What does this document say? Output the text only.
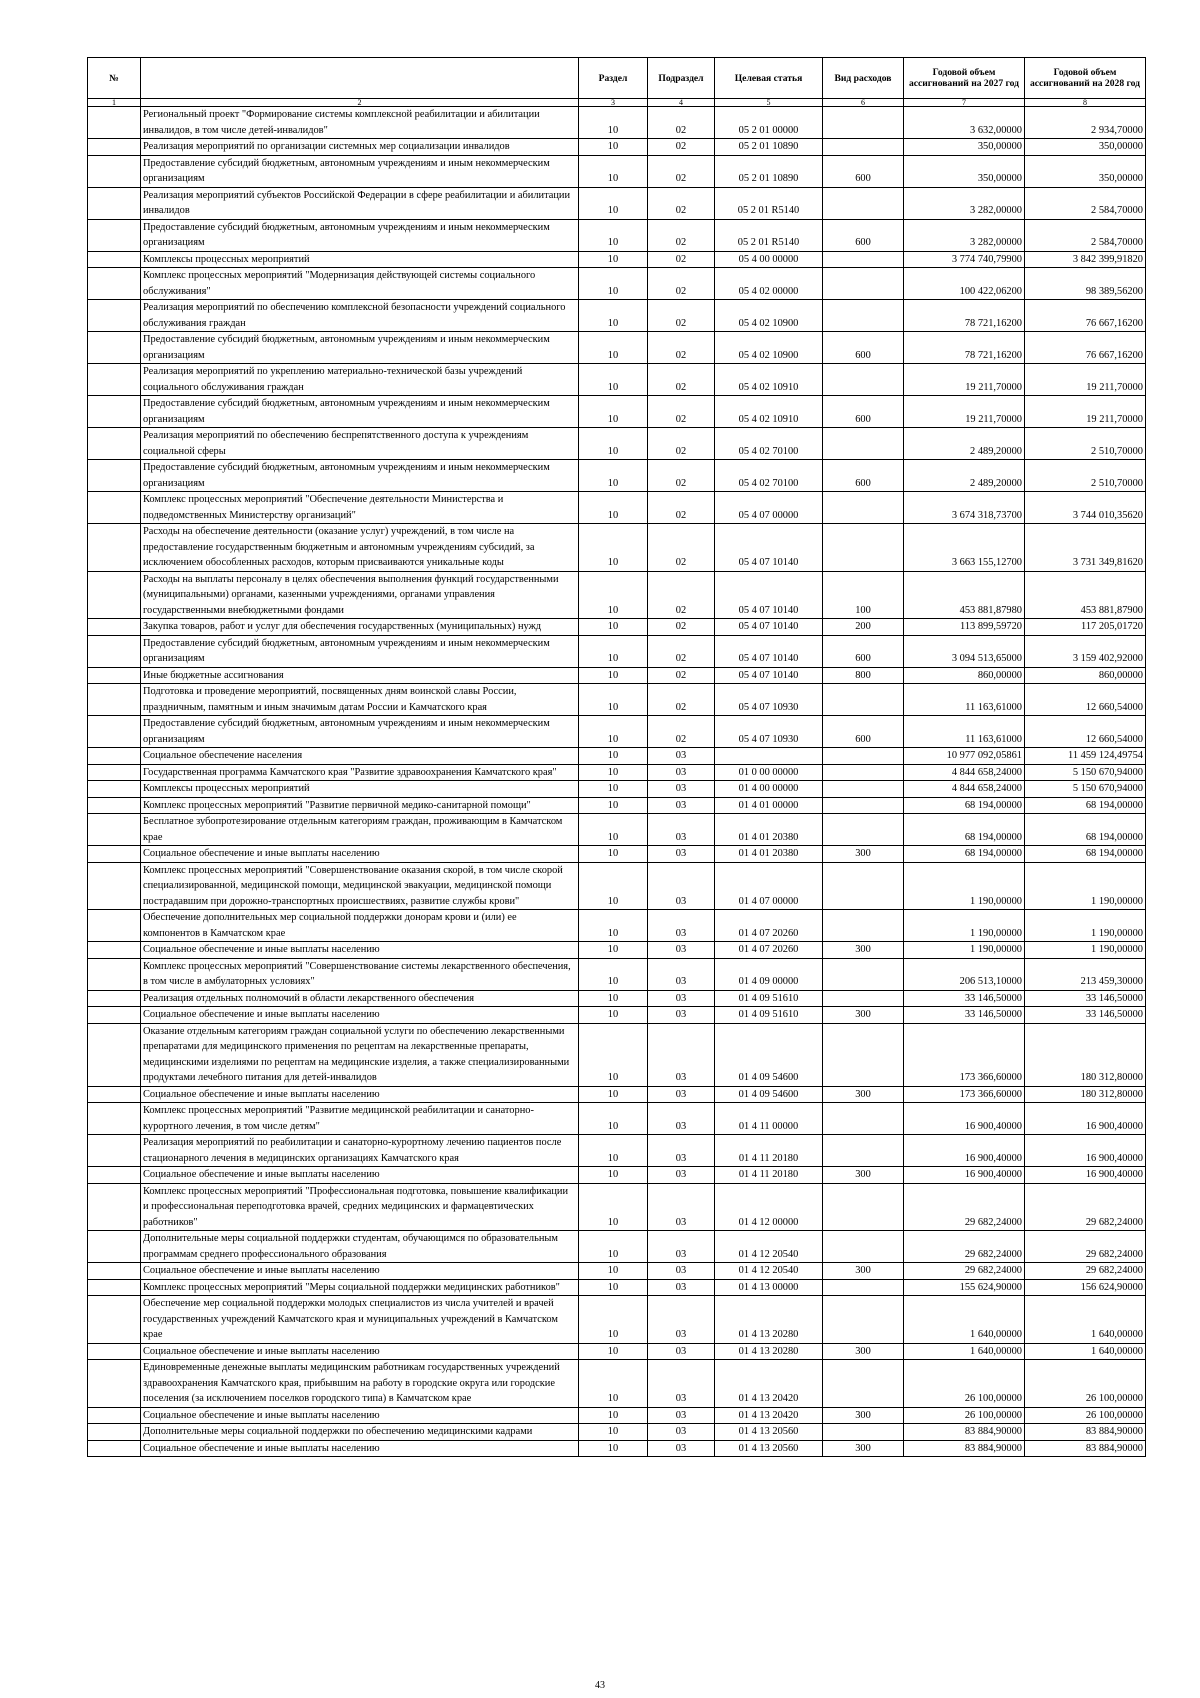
№		Раздел	Подраздел	Целевая статья	Вид расходов	Годовой объем ассигнований на 2027 год	Годовой объем ассигнований на 2028 год
1	2	3	4	5	6	7	8
	Региональный проект "Формирование системы комплексной реабилитации и абилитации инвалидов, в том числе детей-инвалидов"	10	02	05 2 01 00000		3 632,00000	2 934,70000
	Реализация мероприятий по организации системных мер социализации инвалидов	10	02	05 2 01 10890		350,00000	350,00000
	Предоставление субсидий бюджетным, автономным учреждениям и иным некоммерческим организациям	10	02	05 2 01 10890	600	350,00000	350,00000
	Реализация мероприятий субъектов Российской Федерации в сфере реабилитации и абилитации инвалидов	10	02	05 2 01 R5140		3 282,00000	2 584,70000
	Предоставление субсидий бюджетным, автономным учреждениям и иным некоммерческим организациям	10	02	05 2 01 R5140	600	3 282,00000	2 584,70000
	Комплексы процессных мероприятий	10	02	05 4 00 00000		3 774 740,79900	3 842 399,91820
	Комплекс процессных мероприятий "Модернизация действующей системы социального обслуживания"	10	02	05 4 02 00000		100 422,06200	98 389,56200
	Реализация мероприятий по обеспечению комплексной безопасности учреждений социального обслуживания граждан	10	02	05 4 02 10900		78 721,16200	76 667,16200
	Предоставление субсидий бюджетным, автономным учреждениям и иным некоммерческим организациям	10	02	05 4 02 10900	600	78 721,16200	76 667,16200
	Реализация мероприятий по укреплению материально-технической базы учреждений социального обслуживания граждан	10	02	05 4 02 10910		19 211,70000	19 211,70000
	Предоставление субсидий бюджетным, автономным учреждениям и иным некоммерческим организациям	10	02	05 4 02 10910	600	19 211,70000	19 211,70000
	Реализация мероприятий по обеспечению беспрепятственного доступа к учреждениям социальной сферы	10	02	05 4 02 70100		2 489,20000	2 510,70000
	Предоставление субсидий бюджетным, автономным учреждениям и иным некоммерческим организациям	10	02	05 4 02 70100	600	2 489,20000	2 510,70000
	Комплекс процессных мероприятий "Обеспечение деятельности Министерства и подведомственных Министерству организаций"	10	02	05 4 07 00000		3 674 318,73700	3 744 010,35620
	Расходы на обеспечение деятельности (оказание услуг) учреждений, в том числе на предоставление государственным бюджетным и автономным учреждениям субсидий, за исключением обособленных расходов, которым присваиваются уникальные коды	10	02	05 4 07 10140		3 663 155,12700	3 731 349,81620
	Расходы на выплаты персоналу в целях обеспечения выполнения функций государственными (муниципальными) органами, казенными учреждениями, органами управления государственными внебюджетными фондами	10	02	05 4 07 10140	100	453 881,87980	453 881,87900
	Закупка товаров, работ и услуг для обеспечения государственных (муниципальных) нужд	10	02	05 4 07 10140	200	113 899,59720	117 205,01720
	Предоставление субсидий бюджетным, автономным учреждениям и иным некоммерческим организациям	10	02	05 4 07 10140	600	3 094 513,65000	3 159 402,92000
	Иные бюджетные ассигнования	10	02	05 4 07 10140	800	860,00000	860,00000
	Подготовка и проведение мероприятий, посвященных дням воинской славы России, праздничным, памятным и иным значимым датам России и Камчатского края	10	02	05 4 07 10930		11 163,61000	12 660,54000
	Предоставление субсидий бюджетным, автономным учреждениям и иным некоммерческим организациям	10	02	05 4 07 10930	600	11 163,61000	12 660,54000
	Социальное обеспечение населения	10	03			10 977 092,05861	11 459 124,49754
	Государственная программа Камчатского края "Развитие здравоохранения Камчатского края"	10	03	01 0 00 00000		4 844 658,24000	5 150 670,94000
	Комплексы процессных мероприятий	10	03	01 4 00 00000		4 844 658,24000	5 150 670,94000
	Комплекс процессных мероприятий "Развитие первичной медико-санитарной помощи"	10	03	01 4 01 00000		68 194,00000	68 194,00000
	Бесплатное зубопротезирование отдельным категориям граждан, проживающим в Камчатском крае	10	03	01 4 01 20380		68 194,00000	68 194,00000
	Социальное обеспечение и иные выплаты населению	10	03	01 4 01 20380	300	68 194,00000	68 194,00000
	Комплекс процессных мероприятий "Совершенствование оказания скорой, в том числе скорой специализированной, медицинской помощи, медицинской эвакуации, медицинской помощи пострадавшим при дорожно-транспортных происшествиях, развитие службы крови"	10	03	01 4 07 00000		1 190,00000	1 190,00000
	Обеспечение дополнительных мер социальной поддержки донорам крови и (или) ее компонентов в Камчатском крае	10	03	01 4 07 20260		1 190,00000	1 190,00000
	Социальное обеспечение и иные выплаты населению	10	03	01 4 07 20260	300	1 190,00000	1 190,00000
	Комплекс процессных мероприятий "Совершенствование системы лекарственного обеспечения, в том числе в амбулаторных условиях"	10	03	01 4 09 00000		206 513,10000	213 459,30000
	Реализация отдельных полномочий в области лекарственного обеспечения	10	03	01 4 09 51610		33 146,50000	33 146,50000
	Социальное обеспечение и иные выплаты населению	10	03	01 4 09 51610	300	33 146,50000	33 146,50000
	Оказание отдельным категориям граждан социальной услуги по обеспечению лекарственными препаратами для медицинского применения по рецептам на лекарственные препараты, медицинскими изделиями по рецептам на медицинские изделия, а также специализированными продуктами лечебного питания для детей-инвалидов	10	03	01 4 09 54600		173 366,60000	180 312,80000
	Социальное обеспечение и иные выплаты населению	10	03	01 4 09 54600	300	173 366,60000	180 312,80000
	Комплекс процессных мероприятий "Развитие медицинской реабилитации и санаторно-курортного лечения, в том числе детям"	10	03	01 4 11 00000		16 900,40000	16 900,40000
	Реализация мероприятий по реабилитации и санаторно-курортному лечению пациентов после стационарного лечения в медицинских организациях Камчатского края	10	03	01 4 11 20180		16 900,40000	16 900,40000
	Социальное обеспечение и иные выплаты населению	10	03	01 4 11 20180	300	16 900,40000	16 900,40000
	Комплекс процессных мероприятий "Профессиональная подготовка, повышение квалификации и профессиональная переподготовка врачей, средних медицинских и фармацевтических работников"	10	03	01 4 12 00000		29 682,24000	29 682,24000
	Дополнительные меры социальной поддержки студентам, обучающимся по образовательным программам среднего профессионального образования	10	03	01 4 12 20540		29 682,24000	29 682,24000
	Социальное обеспечение и иные выплаты населению	10	03	01 4 12 20540	300	29 682,24000	29 682,24000
	Комплекс процессных мероприятий "Меры социальной поддержки медицинских работников"	10	03	01 4 13 00000		155 624,90000	156 624,90000
	Обеспечение мер социальной поддержки молодых специалистов из числа учителей и врачей государственных учреждений Камчатского края и муниципальных учреждений в Камчатском крае	10	03	01 4 13 20280		1 640,00000	1 640,00000
	Социальное обеспечение и иные выплаты населению	10	03	01 4 13 20280	300	1 640,00000	1 640,00000
	Единовременные денежные выплаты медицинским работникам государственных учреждений здравоохранения Камчатского края, прибывшим на работу в городские округа или городские поселения (за исключением поселков городского типа) в Камчатском крае	10	03	01 4 13 20420		26 100,00000	26 100,00000
	Социальное обеспечение и иные выплаты населению	10	03	01 4 13 20420	300	26 100,00000	26 100,00000
	Дополнительные меры социальной поддержки по обеспечению медицинскими кадрами	10	03	01 4 13 20560		83 884,90000	83 884,90000
	Социальное обеспечение и иные выплаты населению	10	03	01 4 13 20560	300	83 884,90000	83 884,90000
43
